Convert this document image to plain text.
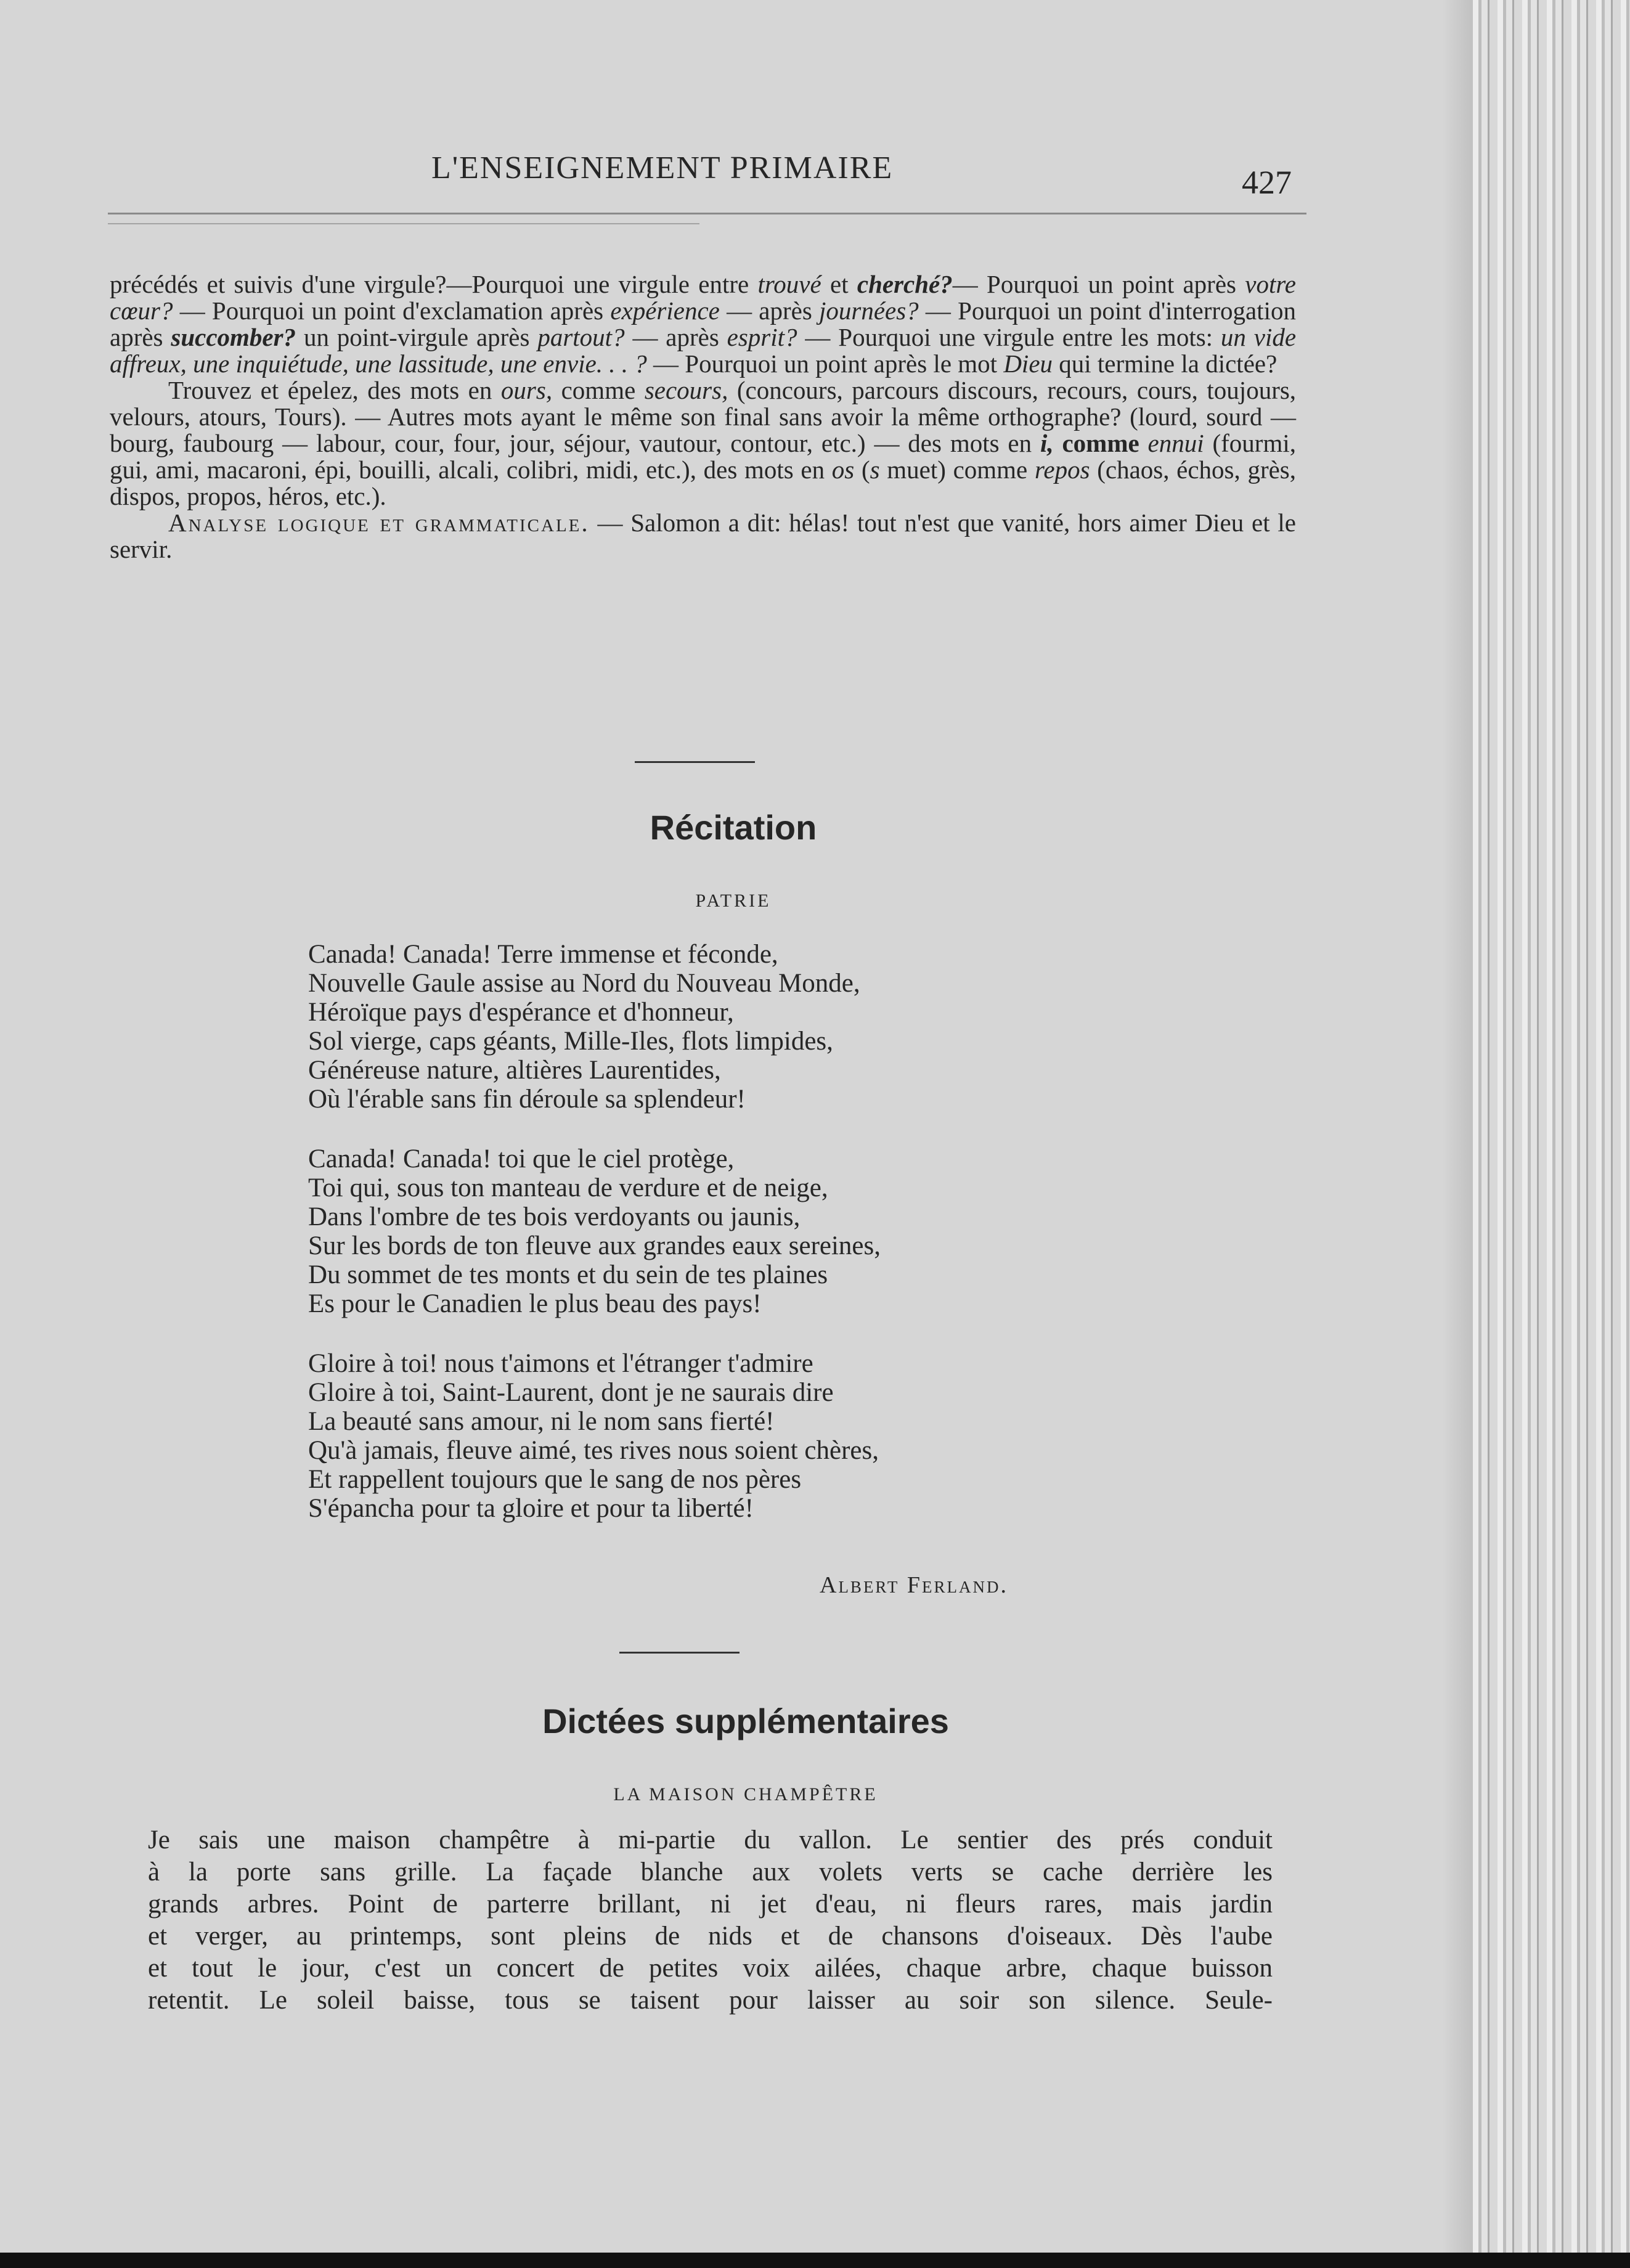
L'ENSEIGNEMENT PRIMAIRE	427

précédés et suivis d'une virgule?—Pourquoi une virgule entre trouvé et cherché?— Pourquoi un point après votre cœur? — Pourquoi un point d'exclamation après expérience — après journées? — Pourquoi un point d'interrogation après succomber? un point-virgule après partout? — après esprit? — Pourquoi une virgule entre les mots: un vide affreux, une inquiétude, une lassitude, une envie. . . ? — Pourquoi un point après le mot Dieu qui termine la dictée?

Trouvez et épelez, des mots en ours, comme secours, (concours, parcours discours, recours, cours, toujours, velours, atours, Tours). — Autres mots ayant le même son final sans avoir la même orthographe? (lourd, sourd — bourg, faubourg — labour, cour, four, jour, séjour, vautour, contour, etc.) — des mots en i, comme ennui (fourmi, gui, ami, macaroni, épi, bouilli, alcali, colibri, midi, etc.), des mots en os (s muet) comme repos (chaos, échos, grès, dispos, propos, héros, etc.).

Analyse logique et grammaticale. — Salomon a dit: hélas! tout n'est que vanité, hors aimer Dieu et le servir.

Récitation
PATRIE
Canada! Canada! Terre immense et féconde,
Nouvelle Gaule assise au Nord du Nouveau Monde,
Héroïque pays d'espérance et d'honneur,
Sol vierge, caps géants, Mille-Iles, flots limpides,
Généreuse nature, altières Laurentides,
Où l'érable sans fin déroule sa splendeur!
Canada! Canada! toi que le ciel protège,
Toi qui, sous ton manteau de verdure et de neige,
Dans l'ombre de tes bois verdoyants ou jaunis,
Sur les bords de ton fleuve aux grandes eaux sereines,
Du sommet de tes monts et du sein de tes plaines
Es pour le Canadien le plus beau des pays!
Gloire à toi! nous t'aimons et l'étranger t'admire
Gloire à toi, Saint-Laurent, dont je ne saurais dire
La beauté sans amour, ni le nom sans fierté!
Qu'à jamais, fleuve aimé, tes rives nous soient chères,
Et rappellent toujours que le sang de nos pères
S'épancha pour ta gloire et pour ta liberté!
Albert Ferland.
Dictées supplémentaires
LA MAISON CHAMPÊTRE
Je sais une maison champêtre à mi-partie du vallon. Le sentier des prés conduit
à la porte sans grille. La façade blanche aux volets verts se cache derrière les
grands arbres. Point de parterre brillant, ni jet d'eau, ni fleurs rares, mais jardin
et verger, au printemps, sont pleins de nids et de chansons d'oiseaux. Dès l'aube
et tout le jour, c'est un concert de petites voix ailées, chaque arbre, chaque buisson
retentit. Le soleil baisse, tous se taisent pour laisser au soir son silence. Seule-
